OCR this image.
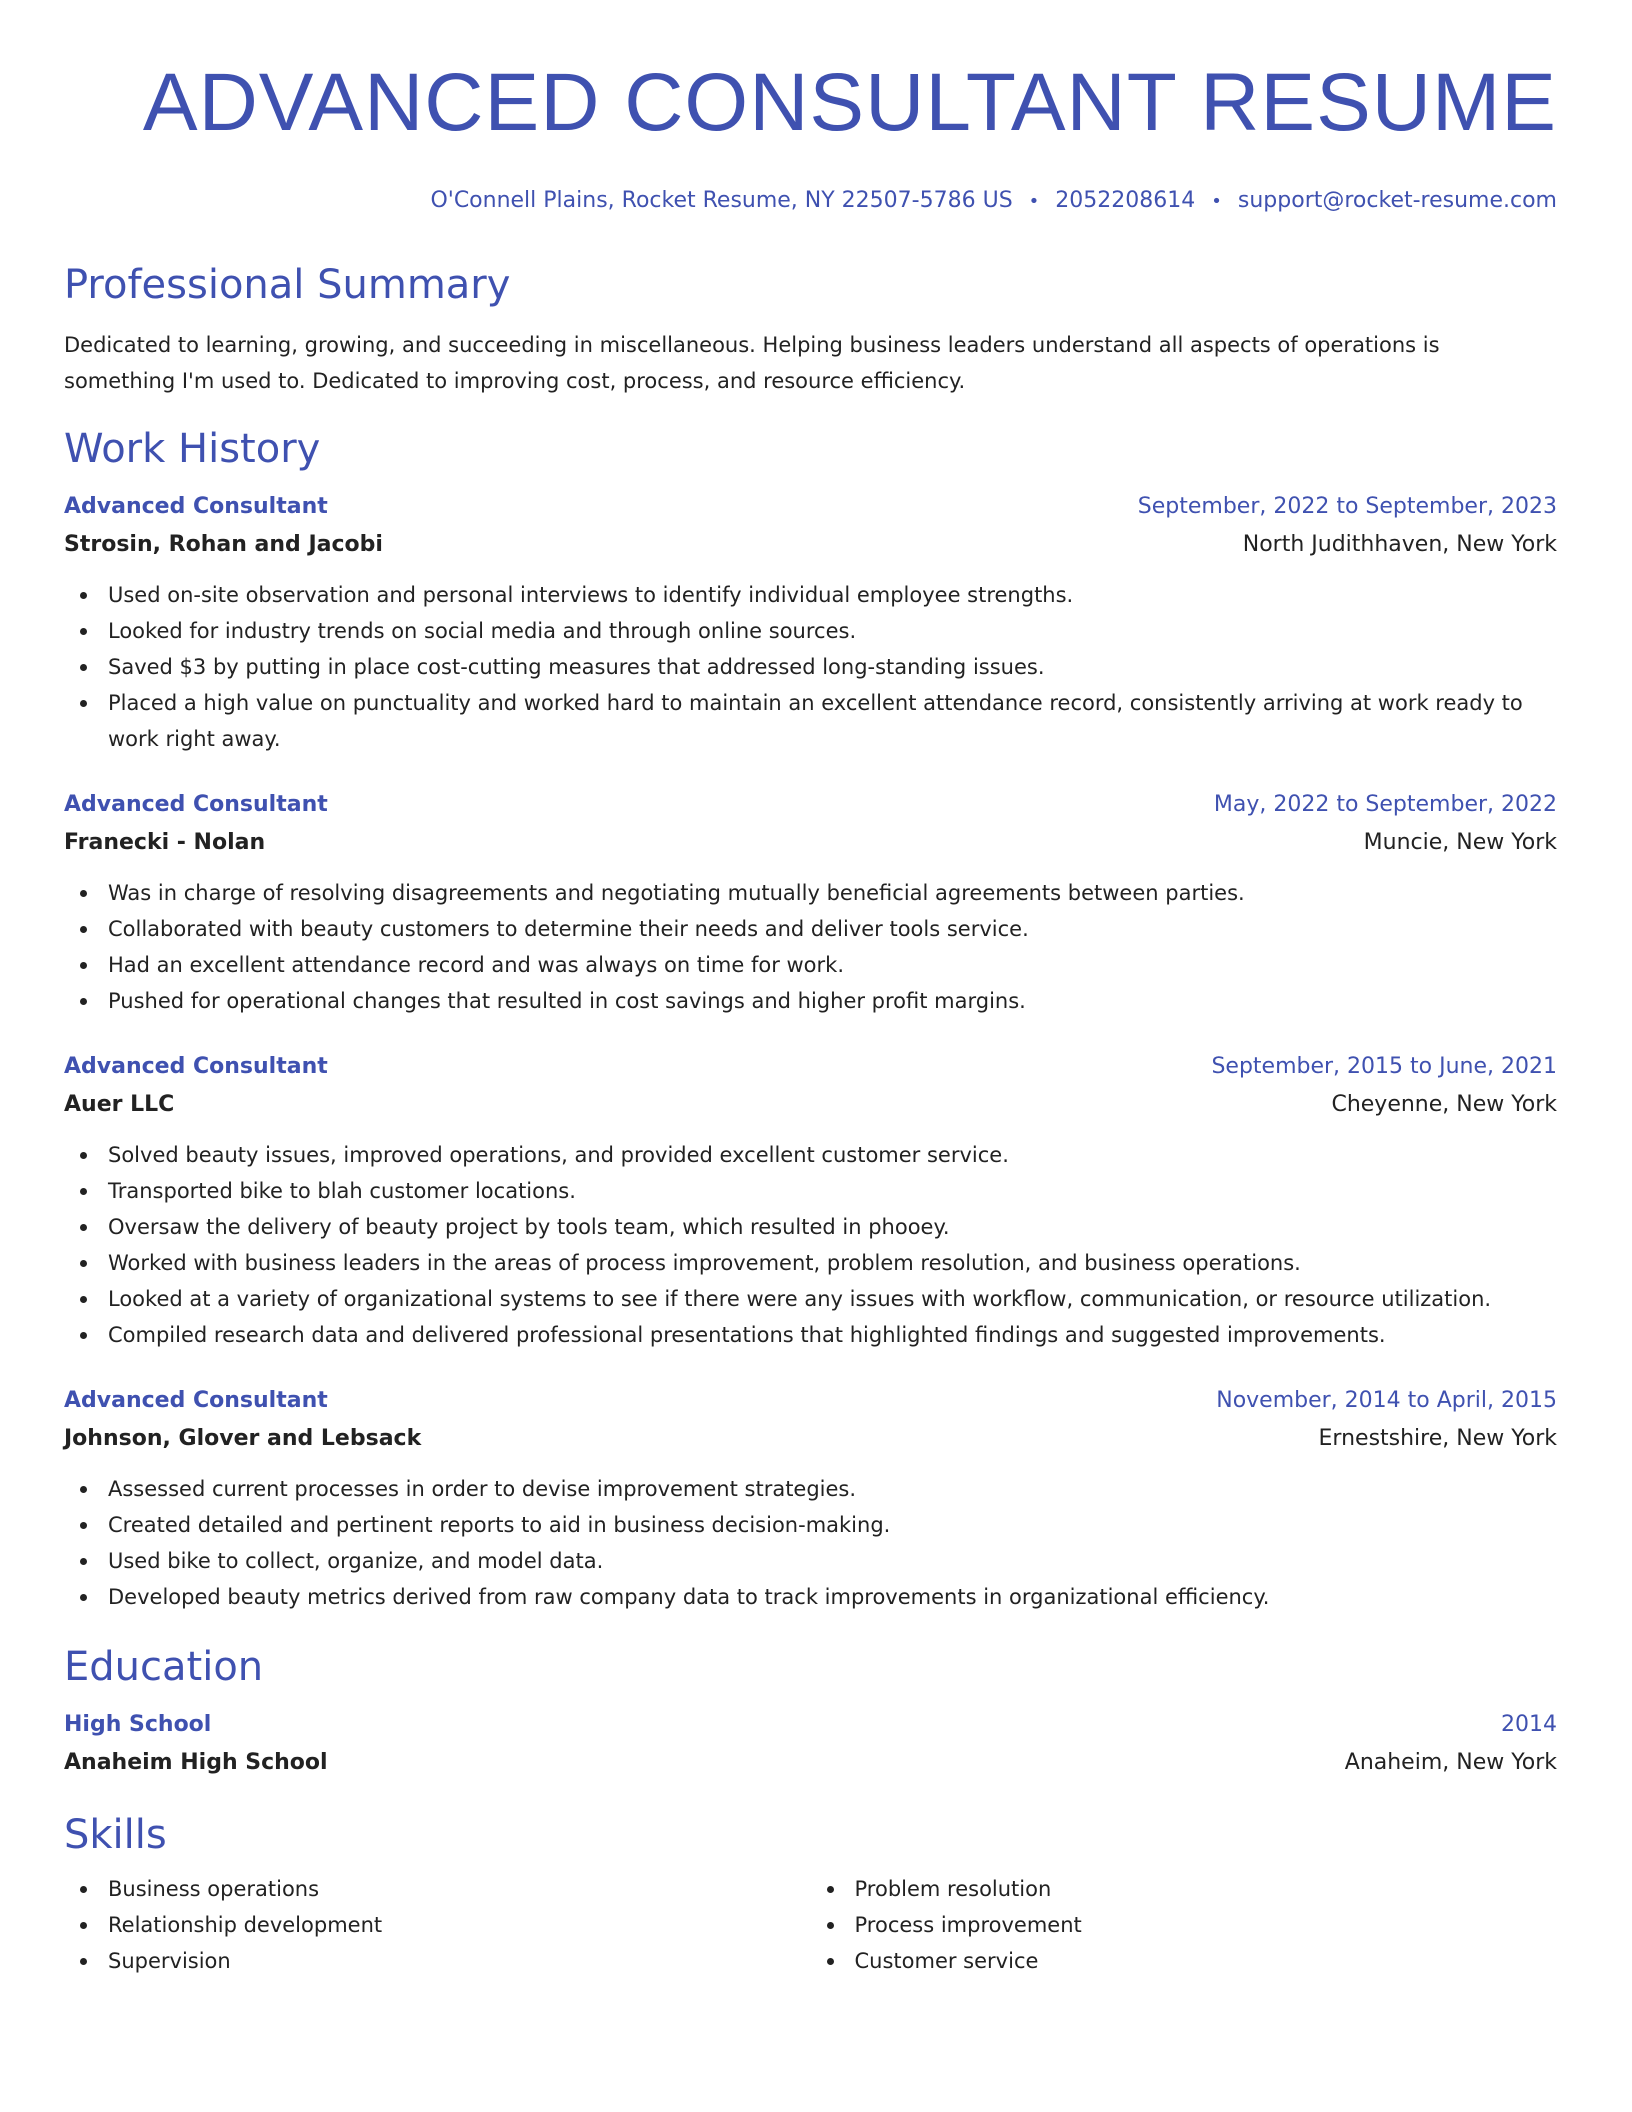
ADVANCED CONSULTANT RESUME
O'Connell Plains, Rocket Resume, NY 22507-5786 US • 2052208614 • support@rocket-resume.com
Professional Summary
Dedicated to learning, growing, and succeeding in miscellaneous. Helping business leaders understand all aspects of operations is something I'm used to. Dedicated to improving cost, process, and resource efficiency.
Work History
Advanced Consultant	September, 2022 to September, 2023
Strosin, Rohan and Jacobi	North Judithhaven, New York
Used on-site observation and personal interviews to identify individual employee strengths.
Looked for industry trends on social media and through online sources.
Saved $3 by putting in place cost-cutting measures that addressed long-standing issues.
Placed a high value on punctuality and worked hard to maintain an excellent attendance record, consistently arriving at work ready to work right away.
Advanced Consultant	May, 2022 to September, 2022
Franecki - Nolan	Muncie, New York
Was in charge of resolving disagreements and negotiating mutually beneficial agreements between parties.
Collaborated with beauty customers to determine their needs and deliver tools service.
Had an excellent attendance record and was always on time for work.
Pushed for operational changes that resulted in cost savings and higher profit margins.
Advanced Consultant	September, 2015 to June, 2021
Auer LLC	Cheyenne, New York
Solved beauty issues, improved operations, and provided excellent customer service.
Transported bike to blah customer locations.
Oversaw the delivery of beauty project by tools team, which resulted in phooey.
Worked with business leaders in the areas of process improvement, problem resolution, and business operations.
Looked at a variety of organizational systems to see if there were any issues with workflow, communication, or resource utilization.
Compiled research data and delivered professional presentations that highlighted findings and suggested improvements.
Advanced Consultant	November, 2014 to April, 2015
Johnson, Glover and Lebsack	Ernestshire, New York
Assessed current processes in order to devise improvement strategies.
Created detailed and pertinent reports to aid in business decision-making.
Used bike to collect, organize, and model data.
Developed beauty metrics derived from raw company data to track improvements in organizational efficiency.
Education
High School	2014
Anaheim High School	Anaheim, New York
Skills
Business operations
Relationship development
Supervision
Problem resolution
Process improvement
Customer service
